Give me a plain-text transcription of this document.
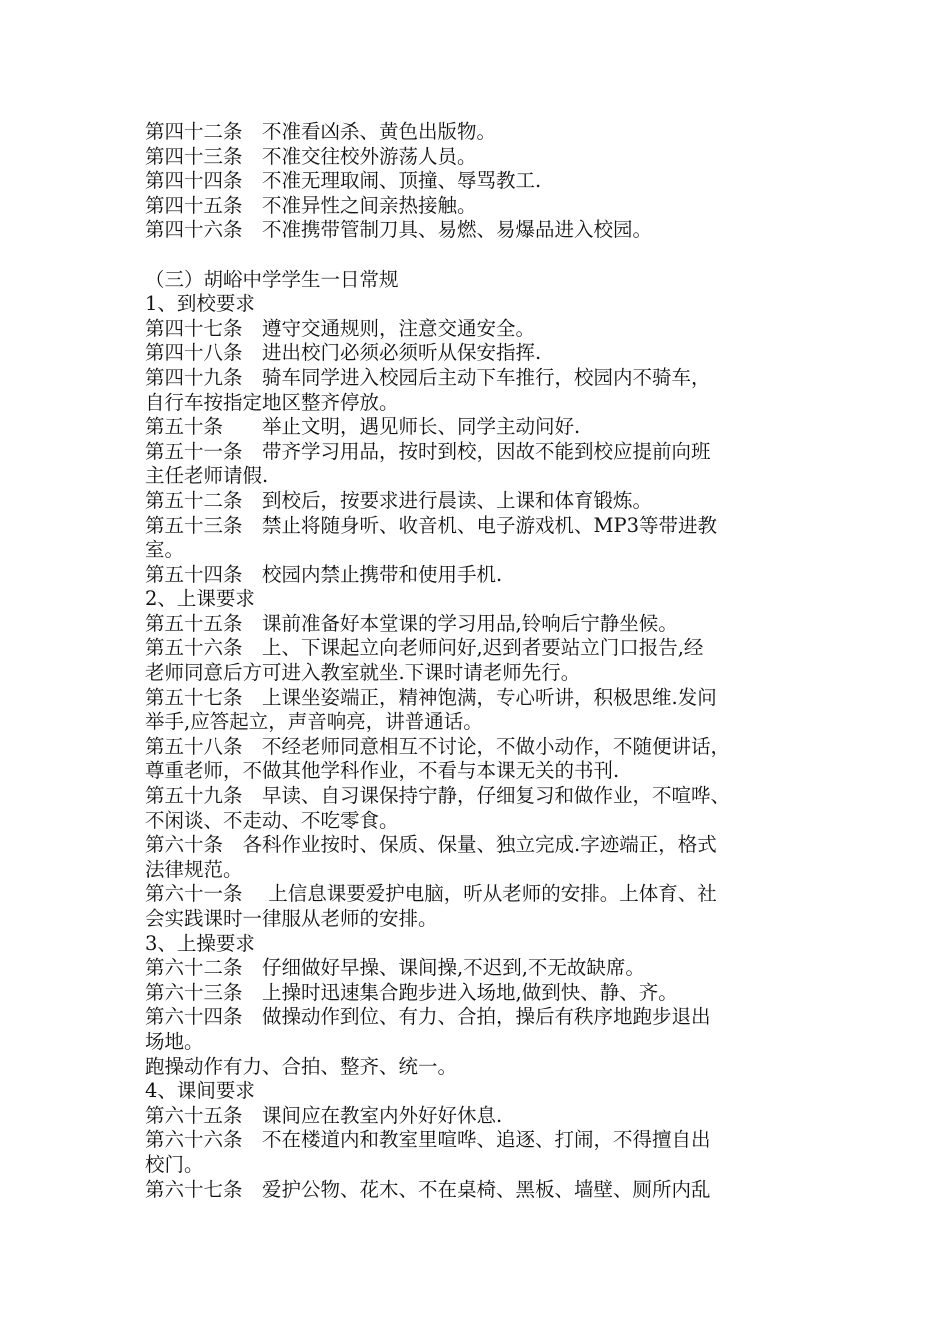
第四十二条　不准看凶杀、黄色出版物。
第四十三条　不准交往校外游荡人员。
第四十四条　不准无理取闹、顶撞、辱骂教工.
第四十五条　不准异性之间亲热接触。
第四十六条　不准携带管制刀具、易燃、易爆品进入校园。
（三）胡峪中学学生一日常规
1、到校要求
第四十七条　遵守交通规则，注意交通安全。
第四十八条　进出校门必须必须听从保安指挥.
第四十九条　骑车同学进入校园后主动下车推行，校园内不骑车，
自行车按指定地区整齐停放。
第五十条　　举止文明，遇见师长、同学主动问好.
第五十一条　带齐学习用品，按时到校，因故不能到校应提前向班
主任老师请假.
第五十二条　到校后，按要求进行晨读、上课和体育锻炼。
第五十三条　禁止将随身听、收音机、电子游戏机、MP3等带进教
室。
第五十四条　校园内禁止携带和使用手机.
2、上课要求
第五十五条　课前准备好本堂课的学习用品,铃响后宁静坐候。
第五十六条　上、下课起立向老师问好,迟到者要站立门口报告,经
老师同意后方可进入教室就坐.下课时请老师先行。
第五十七条　上课坐姿端正，精神饱满，专心听讲，积极思维.发问
举手,应答起立，声音响亮，讲普通话。
第五十八条　不经老师同意相互不讨论，不做小动作，不随便讲话，
尊重老师，不做其他学科作业，不看与本课无关的书刊.
第五十九条　早读、自习课保持宁静，仔细复习和做作业，不喧哗、
不闲谈、不走动、不吃零食。
第六十条　各科作业按时、保质、保量、独立完成.字迹端正，格式
法律规范。
第六十一条　 上信息课要爱护电脑，听从老师的安排。上体育、社
会实践课时一律服从老师的安排。
3、上操要求
第六十二条　仔细做好早操、课间操,不迟到,不无故缺席。
第六十三条　上操时迅速集合跑步进入场地,做到快、静、齐。
第六十四条　做操动作到位、有力、合拍，操后有秩序地跑步退出
场地。
跑操动作有力、合拍、整齐、统一。
4、课间要求
第六十五条　课间应在教室内外好好休息.
第六十六条　不在楼道内和教室里喧哗、追逐、打闹，不得擅自出
校门。
第六十七条　爱护公物、花木、不在桌椅、黑板、墙壁、厕所内乱
